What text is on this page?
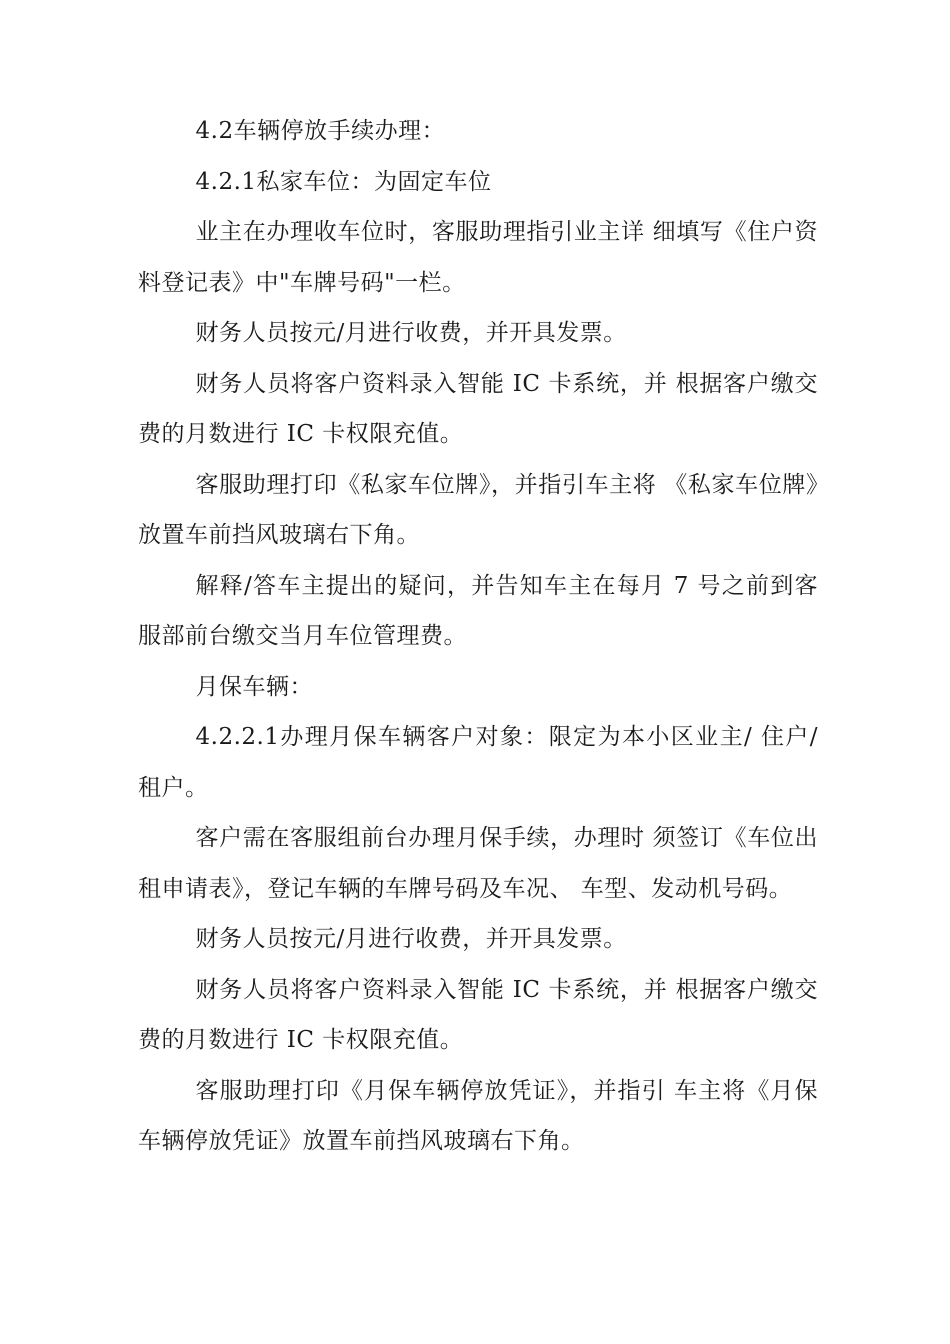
4.2车辆停放手续办理：

4.2.1私家车位：为固定车位

业主在办理收车位时，客服助理指引业主详 细填写《住户资料登记表》中"车牌号码"一栏。

财务人员按元/月进行收费，并开具发票。

财务人员将客户资料录入智能 IC 卡系统，并 根据客户缴交费的月数进行 IC 卡权限充值。

客服助理打印《私家车位牌》，并指引车主将 《私家车位牌》放置车前挡风玻璃右下角。

解释/答车主提出的疑问，并告知车主在每月 7 号之前到客服部前台缴交当月车位管理费。

月保车辆：

4.2.2.1办理月保车辆客户对象：限定为本小区业主/ 住户/租户。

客户需在客服组前台办理月保手续，办理时 须签订《车位出租申请表》，登记车辆的车牌号码及车况、 车型、发动机号码。

财务人员按元/月进行收费，并开具发票。

财务人员将客户资料录入智能 IC 卡系统，并 根据客户缴交费的月数进行 IC 卡权限充值。

客服助理打印《月保车辆停放凭证》，并指引 车主将《月保车辆停放凭证》放置车前挡风玻璃右下角。
